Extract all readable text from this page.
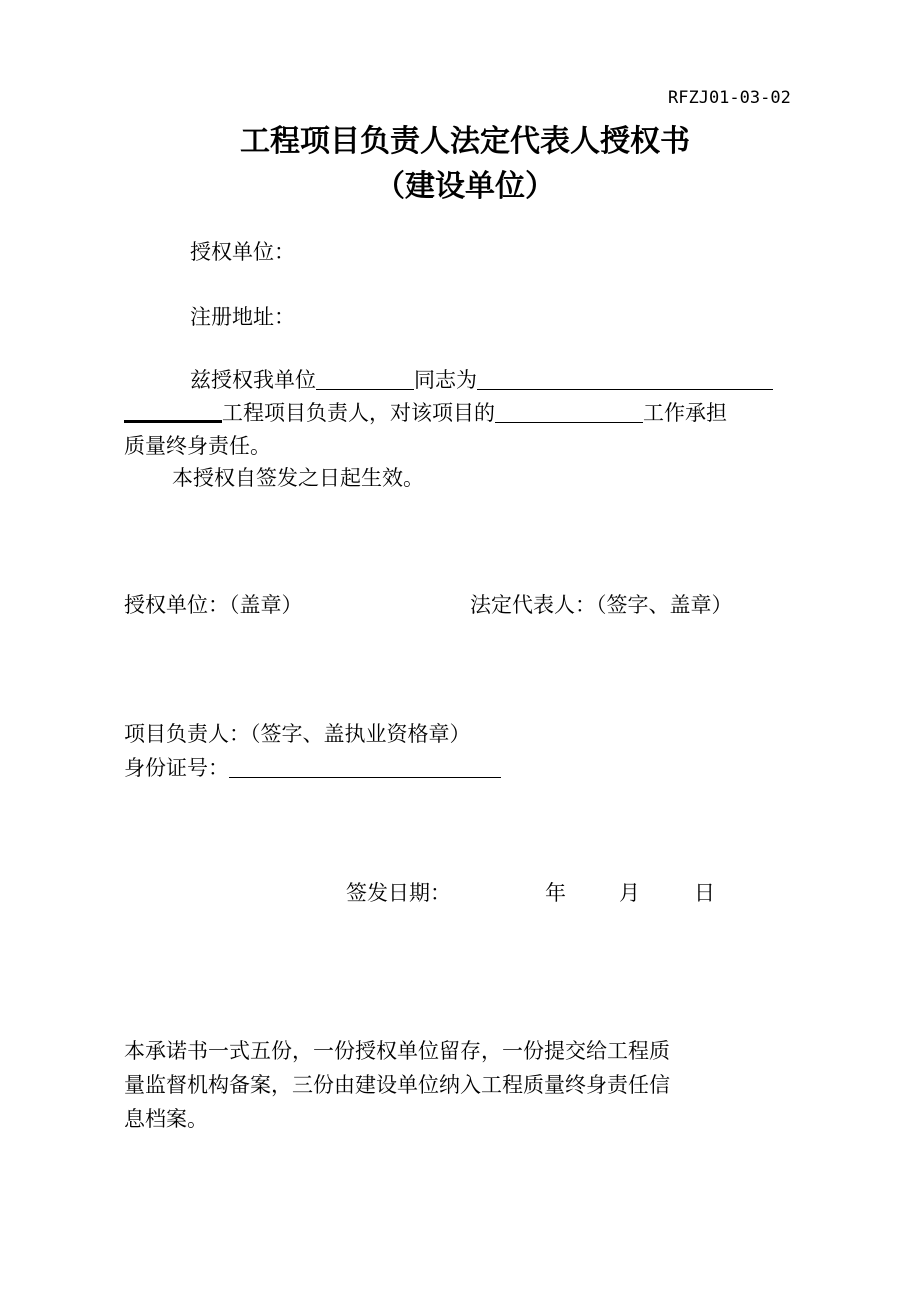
RFZJ01-03-02
工程项目负责人法定代表人授权书
（建设单位）
授权单位：
注册地址：
兹授权我单位	同志为
工程项目负责人，对该项目的	工作承担
质量终身责任。
本授权自签发之日起生效。
授权单位：（盖章）	法定代表人：（签字、盖章）
项目负责人：（签字、盖执业资格章）
身份证号：
签发日期：	年	月	日
本承诺书一式五份，一份授权单位留存，一份提交给工程质
量监督机构备案，三份由建设单位纳入工程质量终身责任信
息档案。
